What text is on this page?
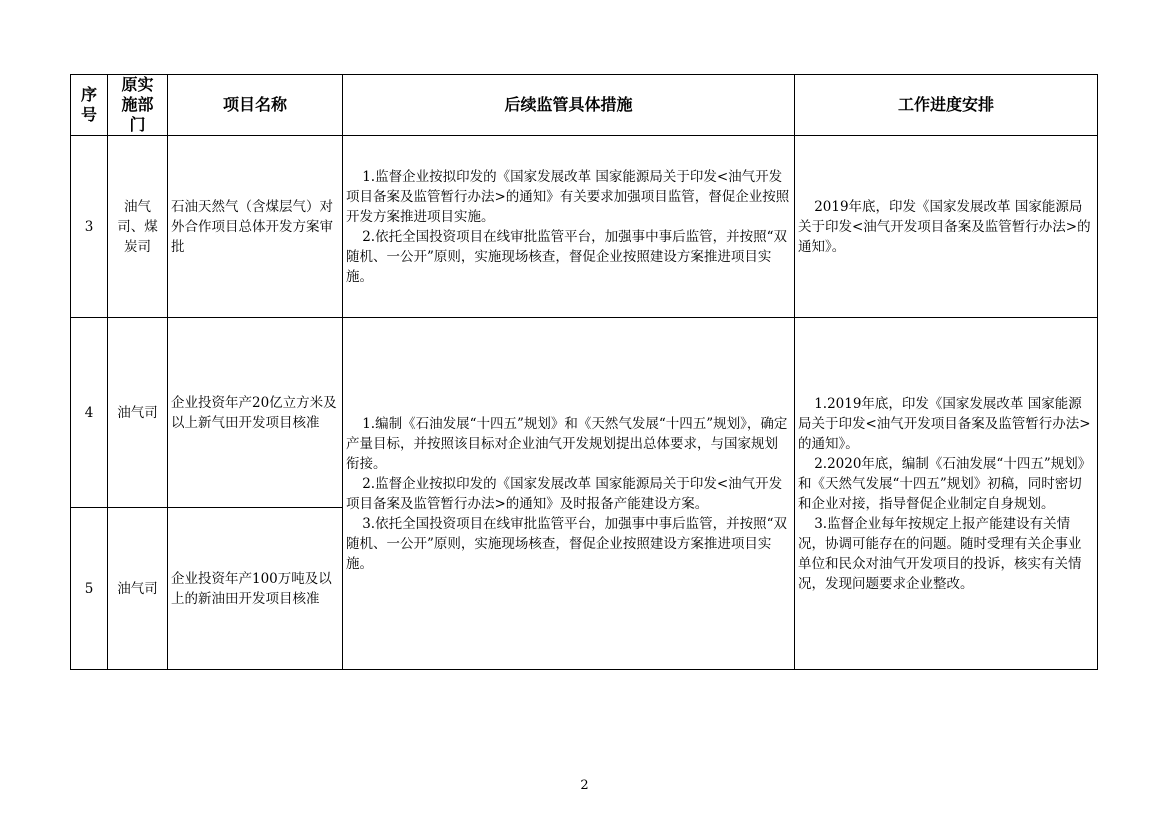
序号	原实施部门	项目名称	后续监管具体措施	工作进度安排
3	油气司、煤炭司	石油天然气（含煤层气）对外合作项目总体开发方案审批	1.监督企业按拟印发的《国家发展改革 国家能源局关于印发<油气开发项目备案及监管暂行办法>的通知》有关要求加强项目监管，督促企业按照开发方案推进项目实施。
2.依托全国投资项目在线审批监管平台，加强事中事后监管，并按照“双随机、一公开”原则，实施现场核查，督促企业按照建设方案推进项目实施。	2019年底，印发《国家发展改革 国家能源局关于印发<油气开发项目备案及监管暂行办法>的通知》。

4	油气司	企业投资年产20亿立方米及以上新气田开发项目核准	1.编制《石油发展“十四五”规划》和《天然气发展“十四五”规划》，确定产量目标，并按照该目标对企业油气开发规划提出总体要求，与国家规划衔接。
2.监督企业按拟印发的《国家发展改革 国家能源局关于印发<油气开发项目备案及监管暂行办法>的通知》及时报备产能建设方案。
3.依托全国投资项目在线审批监管平台，加强事中事后监管，并按照“双随机、一公开”原则，实施现场核查，督促企业按照建设方案推进项目实施。	1.2019年底，印发《国家发展改革 国家能源局关于印发<油气开发项目备案及监管暂行办法>的通知》。
2.2020年底，编制《石油发展“十四五”规划》和《天然气发展“十四五”规划》初稿，同时密切和企业对接，指导督促企业制定自身规划。
3.监督企业每年按规定上报产能建设有关情况，协调可能存在的问题。随时受理有关企事业单位和民众对油气开发项目的投诉，核实有关情况，发现问题要求企业整改。

5	油气司	企业投资年产100万吨及以上的新油田开发项目核准		
2
